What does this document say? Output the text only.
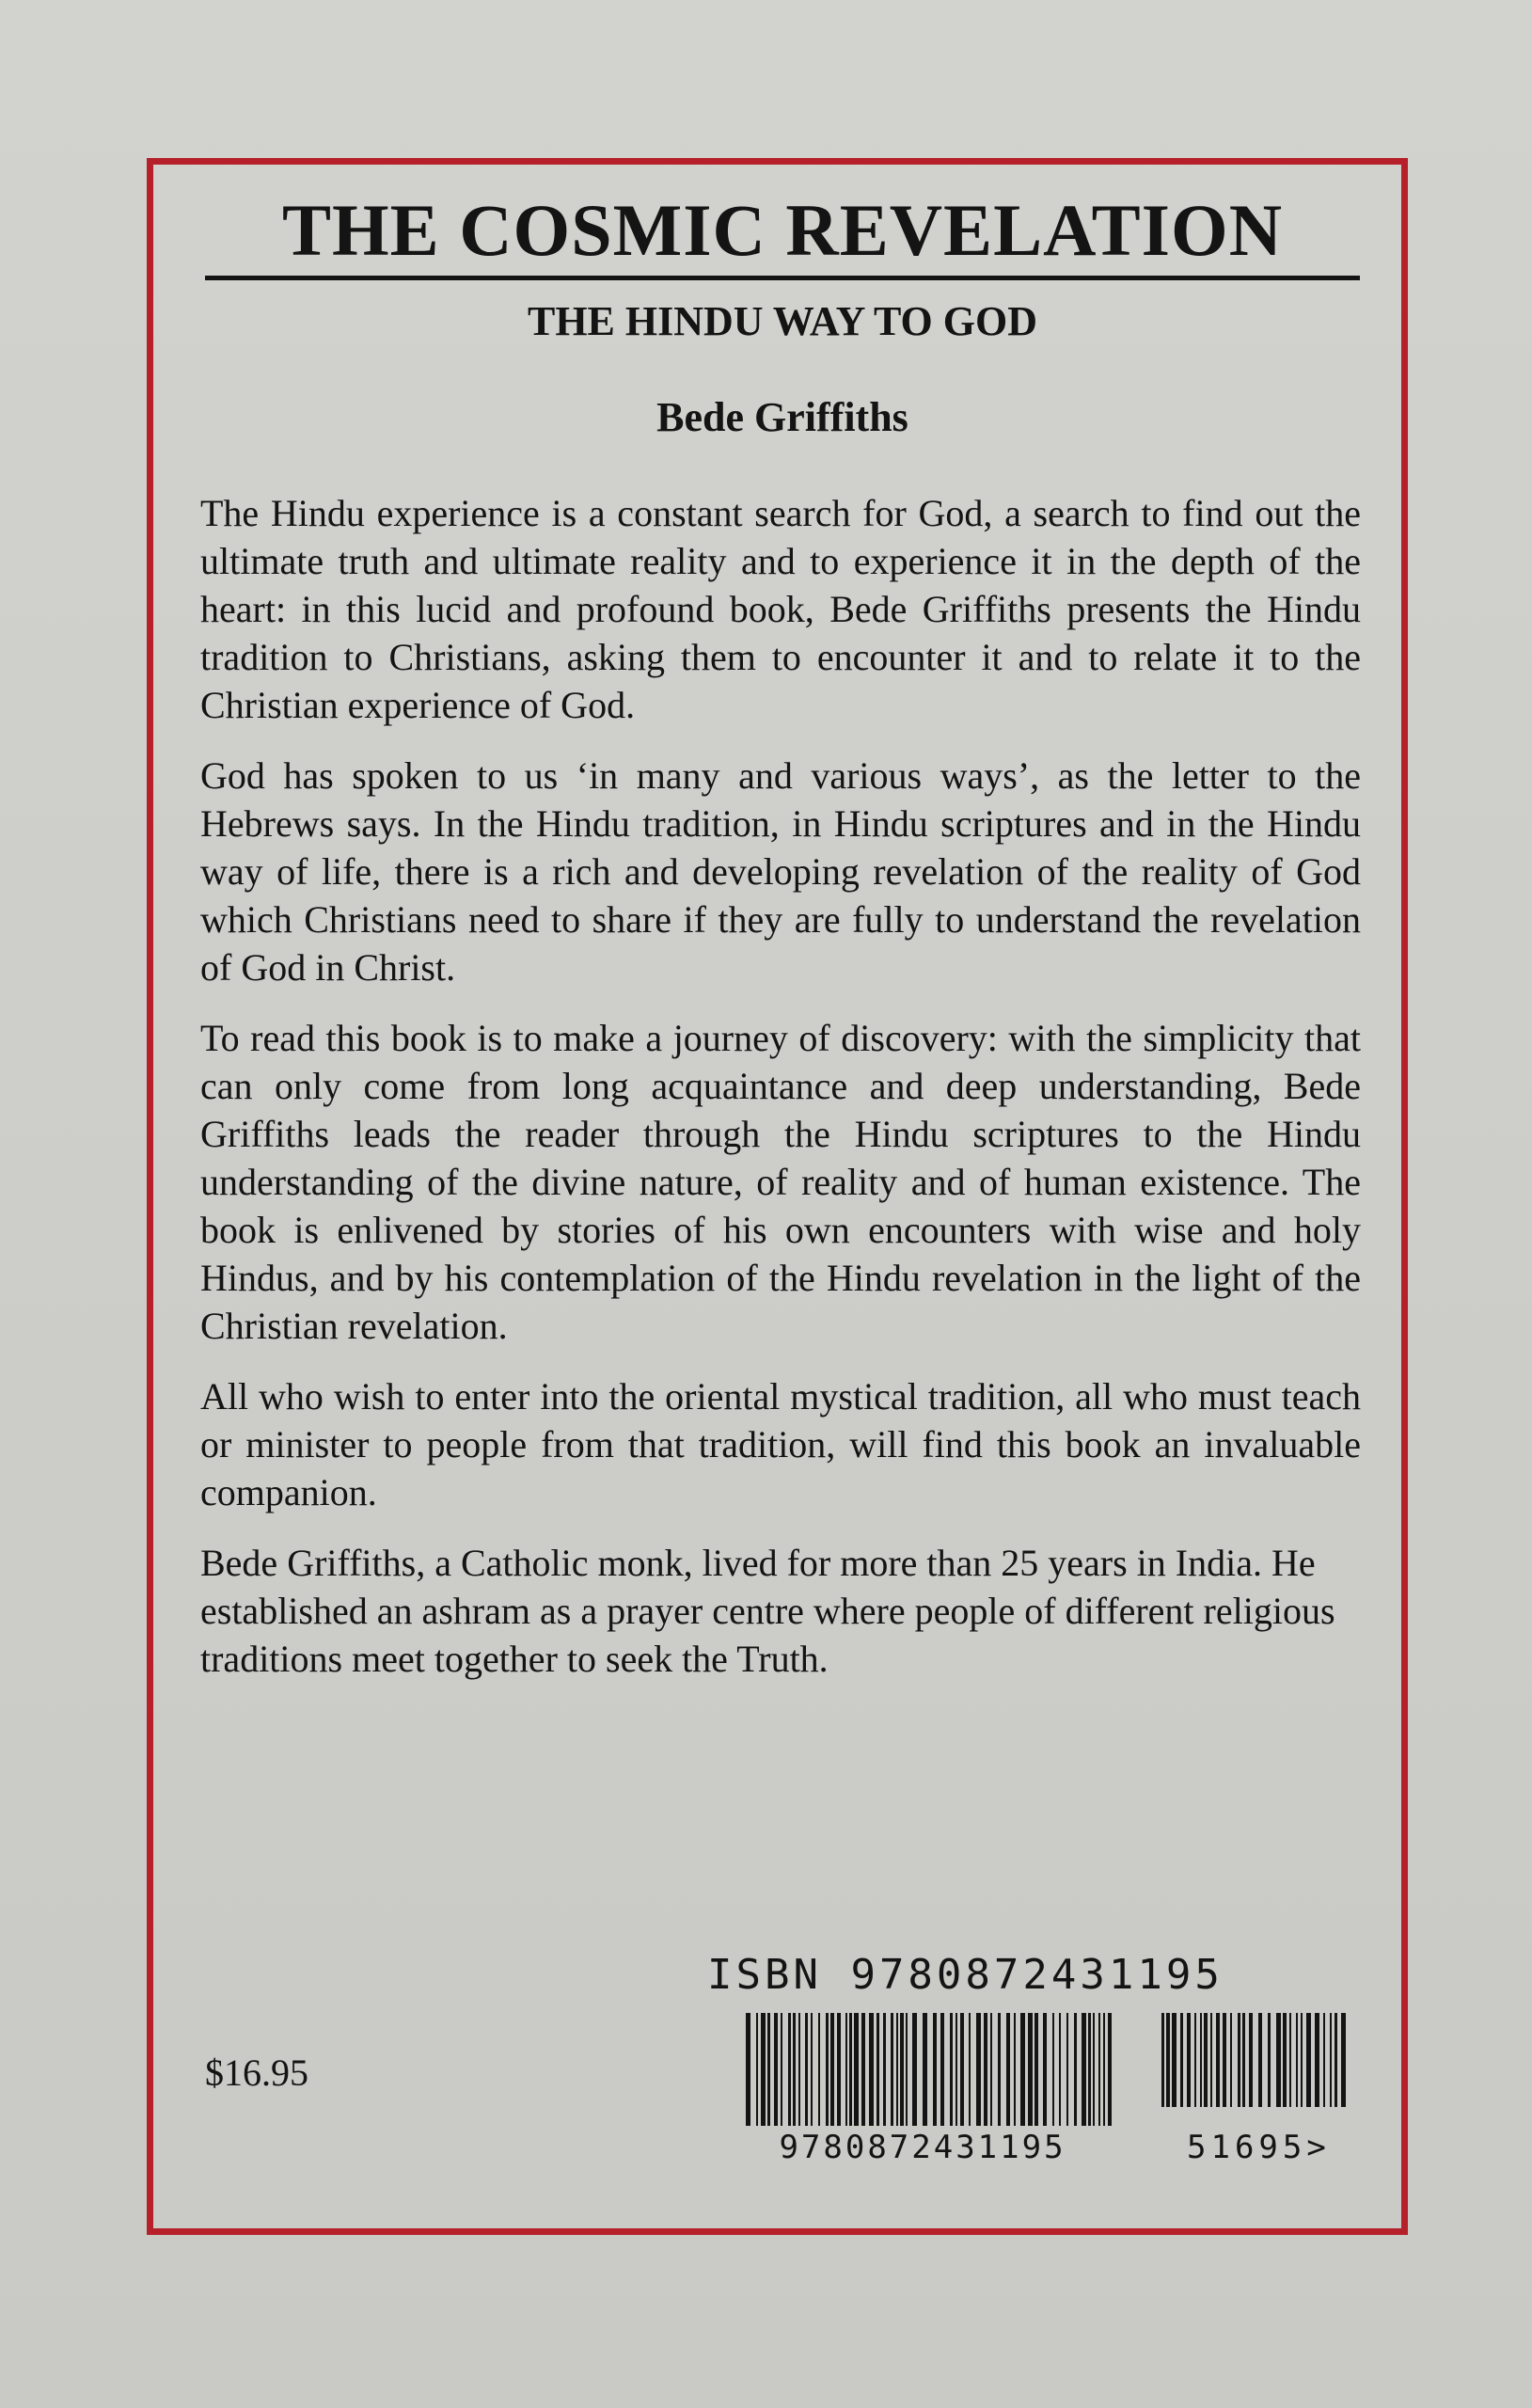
THE COSMIC REVELATION
THE HINDU WAY TO GOD
Bede Griffiths

The Hindu experience is a constant search for God, a search to find out the ultimate truth and ultimate reality and to experience it in the depth of the heart: in this lucid and profound book, Bede Griffiths presents the Hindu tradition to Christians, asking them to encounter it and to relate it to the Christian experience of God.

God has spoken to us ‘in many and various ways’, as the letter to the Hebrews says. In the Hindu tradition, in Hindu scriptures and in the Hindu way of life, there is a rich and developing revelation of the reality of God which Christians need to share if they are fully to understand the revelation of God in Christ.

To read this book is to make a journey of discovery: with the simplicity that can only come from long acquaintance and deep understanding, Bede Griffiths leads the reader through the Hindu scriptures to the Hindu understanding of the divine nature, of reality and of human existence. The book is enlivened by stories of his own encounters with wise and holy Hindus, and by his contemplation of the Hindu revelation in the light of the Christian revelation.

All who wish to enter into the oriental mystical tradition, all who must teach or minister to people from that tradition, will find this book an invaluable companion.

Bede Griffiths, a Catholic monk, lived for more than 25 years in India. He established an ashram as a prayer centre where people of different religious traditions meet together to seek the Truth.

ISBN 9780872431195
$16.95
9780872431195	51695>
